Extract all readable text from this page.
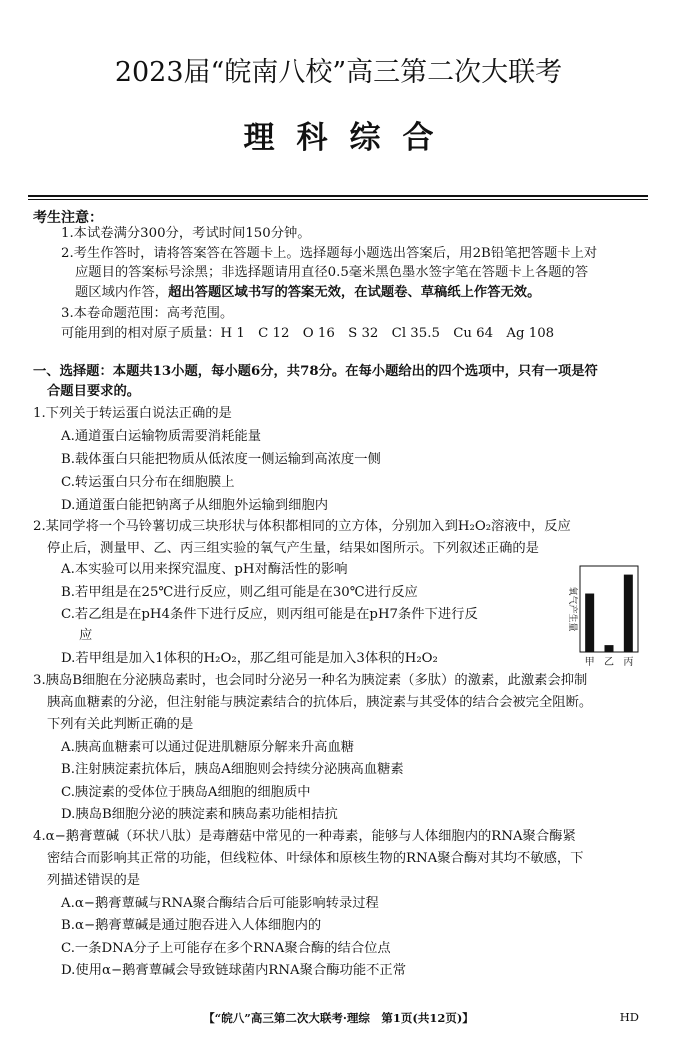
2023届“皖南八校”高三第二次大联考
理科综合
考生注意：
1.本试卷满分300分，考试时间150分钟。
2.考生作答时，请将答案答在答题卡上。选择题每小题选出答案后，用2B铅笔把答题卡上对
应题目的答案标号涂黑；非选择题请用直径0.5毫米黑色墨水签字笔在答题卡上各题的答
题区域内作答，超出答题区域书写的答案无效，在试题卷、草稿纸上作答无效。
3.本卷命题范围：高考范围。
可能用到的相对原子质量：H 1　C 12　O 16　S 32　Cl 35.5　Cu 64　Ag 108
一、选择题：本题共13小题，每小题6分，共78分。在每小题给出的四个选项中，只有一项是符
合题目要求的。
1.下列关于转运蛋白说法正确的是
A.通道蛋白运输物质需要消耗能量
B.载体蛋白只能把物质从低浓度一侧运输到高浓度一侧
C.转运蛋白只分布在细胞膜上
D.通道蛋白能把钠离子从细胞外运输到细胞内
2.某同学将一个马铃薯切成三块形状与体积都相同的立方体，分别加入到H₂O₂溶液中，反应
停止后，测量甲、乙、丙三组实验的氧气产生量，结果如图所示。下列叙述正确的是
A.本实验可以用来探究温度、pH对酶活性的影响
B.若甲组是在25℃进行反应，则乙组可能是在30℃进行反应
C.若乙组是在pH4条件下进行反应，则丙组可能是在pH7条件下进行反
应
D.若甲组是加入1体积的H₂O₂，那乙组可能是加入3体积的H₂O₂	甲 乙 丙
氧气产生量
3.胰岛B细胞在分泌胰岛素时，也会同时分泌另一种名为胰淀素（多肽）的激素，此激素会抑制
胰高血糖素的分泌，但注射能与胰淀素结合的抗体后，胰淀素与其受体的结合会被完全阻断。
下列有关此判断正确的是
A.胰高血糖素可以通过促进肌糖原分解来升高血糖
B.注射胰淀素抗体后，胰岛A细胞则会持续分泌胰高血糖素
C.胰淀素的受体位于胰岛A细胞的细胞质中
D.胰岛B细胞分泌的胰淀素和胰岛素功能相拮抗
4.α−鹅膏蕈碱（环状八肽）是毒蘑菇中常见的一种毒素，能够与人体细胞内的RNA聚合酶紧
密结合而影响其正常的功能，但线粒体、叶绿体和原核生物的RNA聚合酶对其均不敏感，下
列描述错误的是
A.α−鹅膏蕈碱与RNA聚合酶结合后可能影响转录过程
B.α−鹅膏蕈碱是通过胞吞进入人体细胞内的
C.一条DNA分子上可能存在多个RNA聚合酶的结合位点
D.使用α−鹅膏蕈碱会导致链球菌内RNA聚合酶功能不正常
【“皖八”高三第二次大联考·理综　第1页(共12页)】	HD
